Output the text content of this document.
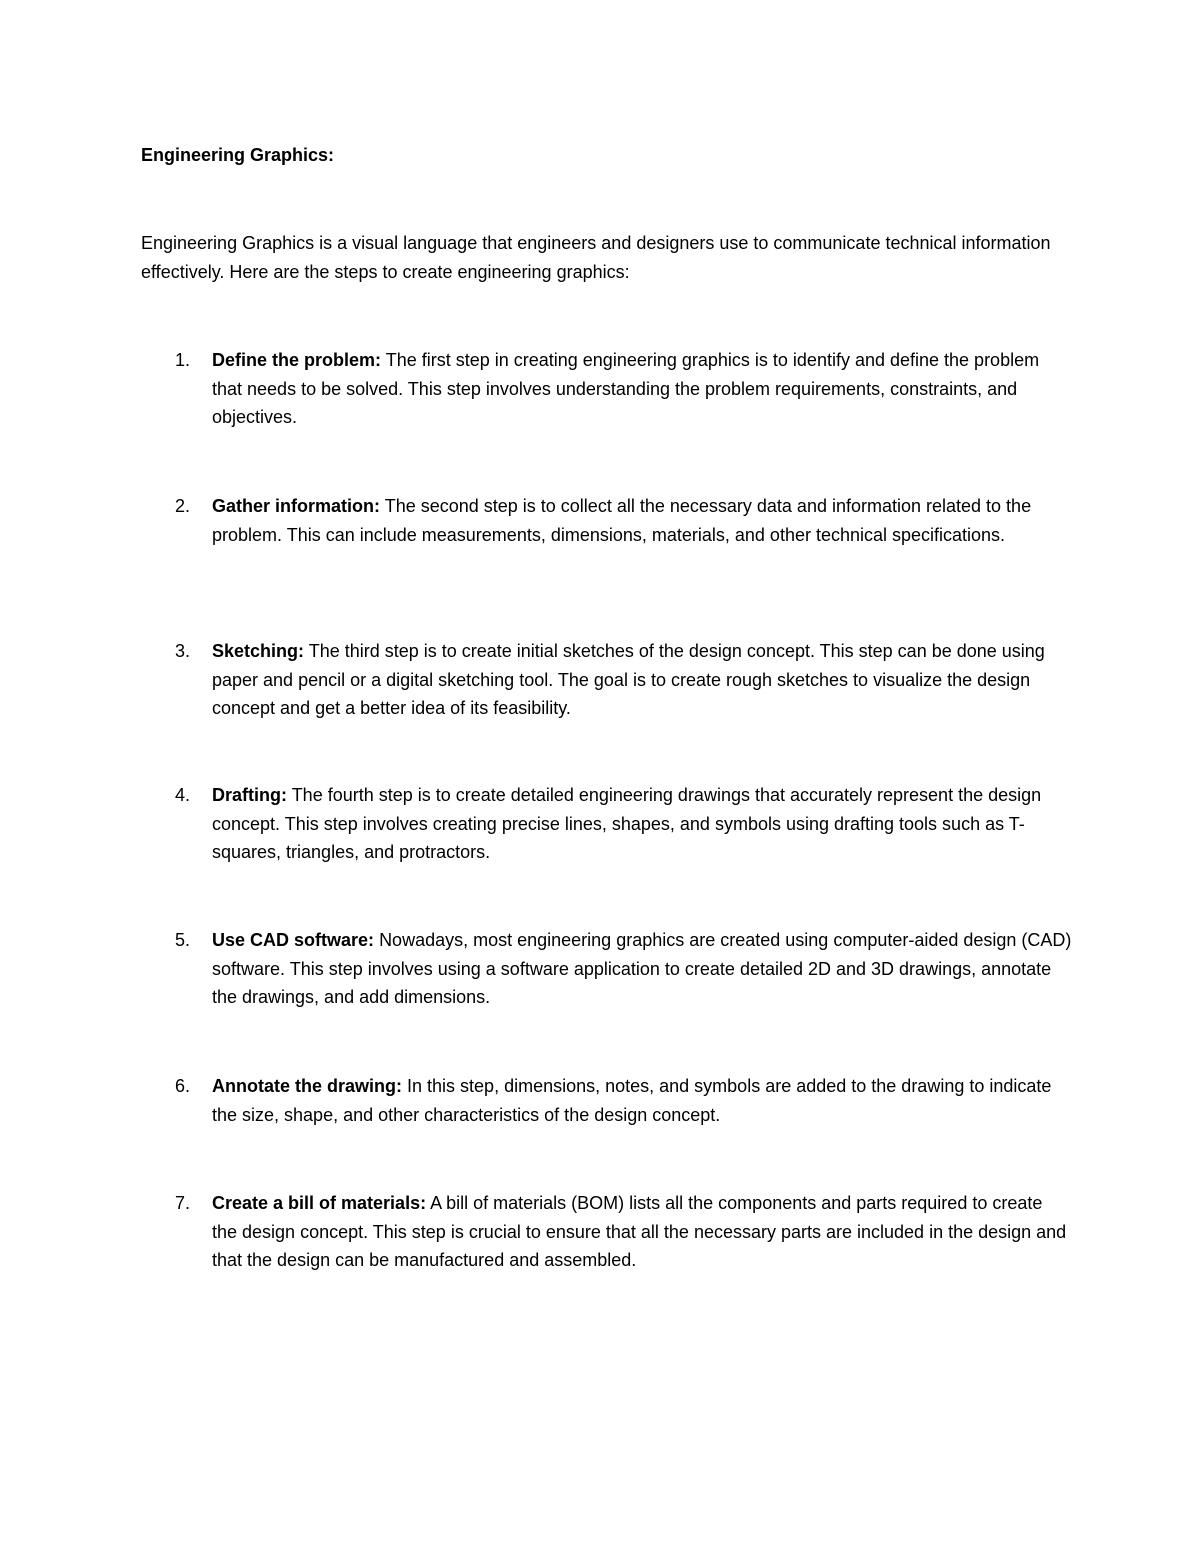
Engineering Graphics:

Engineering Graphics is a visual language that engineers and designers use to communicate technical information effectively. Here are the steps to create engineering graphics:

1. Define the problem: The first step in creating engineering graphics is to identify and define the problem that needs to be solved. This step involves understanding the problem requirements, constraints, and objectives.

2. Gather information: The second step is to collect all the necessary data and information related to the problem. This can include measurements, dimensions, materials, and other technical specifications.

3. Sketching: The third step is to create initial sketches of the design concept. This step can be done using paper and pencil or a digital sketching tool. The goal is to create rough sketches to visualize the design concept and get a better idea of its feasibility.

4. Drafting: The fourth step is to create detailed engineering drawings that accurately represent the design concept. This step involves creating precise lines, shapes, and symbols using drafting tools such as T-squares, triangles, and protractors.

5. Use CAD software: Nowadays, most engineering graphics are created using computer-aided design (CAD) software. This step involves using a software application to create detailed 2D and 3D drawings, annotate the drawings, and add dimensions.

6. Annotate the drawing: In this step, dimensions, notes, and symbols are added to the drawing to indicate the size, shape, and other characteristics of the design concept.

7. Create a bill of materials: A bill of materials (BOM) lists all the components and parts required to create the design concept. This step is crucial to ensure that all the necessary parts are included in the design and that the design can be manufactured and assembled.
